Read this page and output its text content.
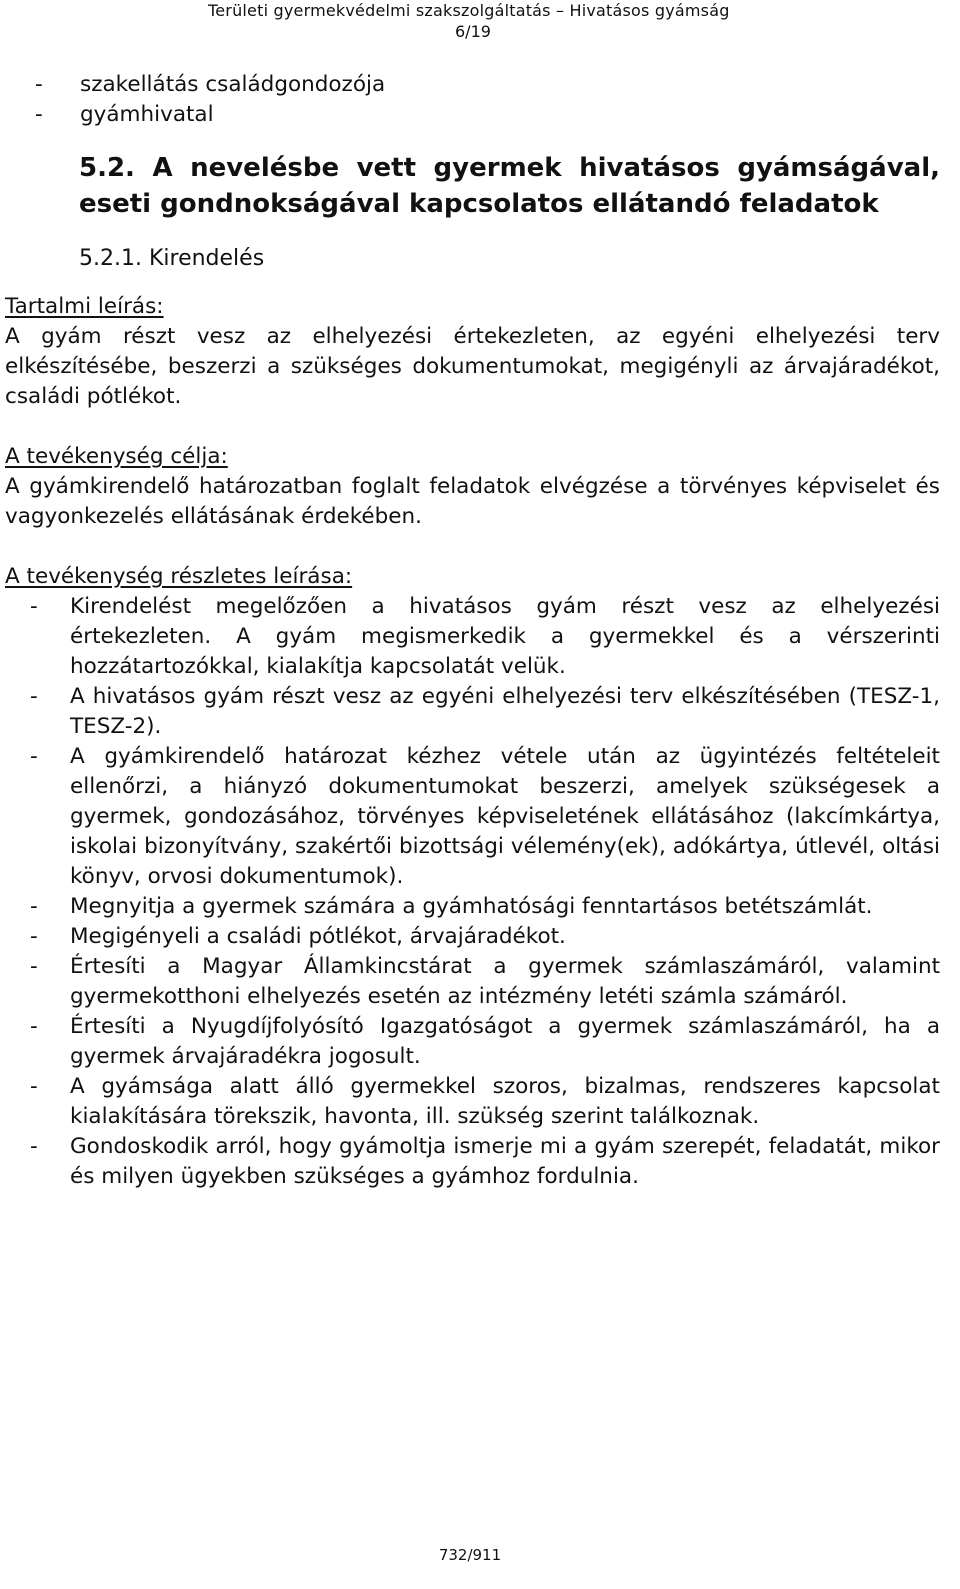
Területi gyermekvédelmi szakszolgáltatás – Hivatásos gyámság
6/19
- szakellátás családgondozója
- gyámhivatal
5.2. A nevelésbe vett gyermek hivatásos gyámságával, eseti gondnokságával kapcsolatos ellátandó feladatok
5.2.1. Kirendelés
Tartalmi leírás:
A gyám részt vesz az elhelyezési értekezleten, az egyéni elhelyezési terv elkészítésébe, beszerzi a szükséges dokumentumokat, megigényli az árvajáradékot, családi pótlékot.
A tevékenység célja:
A gyámkirendelő határozatban foglalt feladatok elvégzése a törvényes képviselet és vagyonkezelés ellátásának érdekében.
A tevékenység részletes leírása:
- Kirendelést megelőzően a hivatásos gyám részt vesz az elhelyezési értekezleten. A gyám megismerkedik a gyermekkel és a vérszerinti hozzátartozókkal, kialakítja kapcsolatát velük.
- A hivatásos gyám részt vesz az egyéni elhelyezési terv elkészítésében (TESZ-1, TESZ-2).
- A gyámkirendelő határozat kézhez vétele után az ügyintézés feltételeit ellenőrzi, a hiányzó dokumentumokat beszerzi, amelyek szükségesek a gyermek, gondozásához, törvényes képviseletének ellátásához (lakcímkártya, iskolai bizonyítvány, szakértői bizottsági vélemény(ek), adókártya, útlevél, oltási könyv, orvosi dokumentumok).
- Megnyitja a gyermek számára a gyámhatósági fenntartásos betétszámlát.
- Megigényeli a családi pótlékot, árvajáradékot.
- Értesíti a Magyar Államkincstárat a gyermek számlaszámáról, valamint gyermekotthoni elhelyezés esetén az intézmény letéti számla számáról.
- Értesíti a Nyugdíjfolyósító Igazgatóságot a gyermek számlaszámáról, ha a gyermek árvajáradékra jogosult.
- A gyámsága alatt álló gyermekkel szoros, bizalmas, rendszeres kapcsolat kialakítására törekszik, havonta, ill. szükség szerint találkoznak.
- Gondoskodik arról, hogy gyámoltja ismerje mi a gyám szerepét, feladatát, mikor és milyen ügyekben szükséges a gyámhoz fordulnia.
732/911
